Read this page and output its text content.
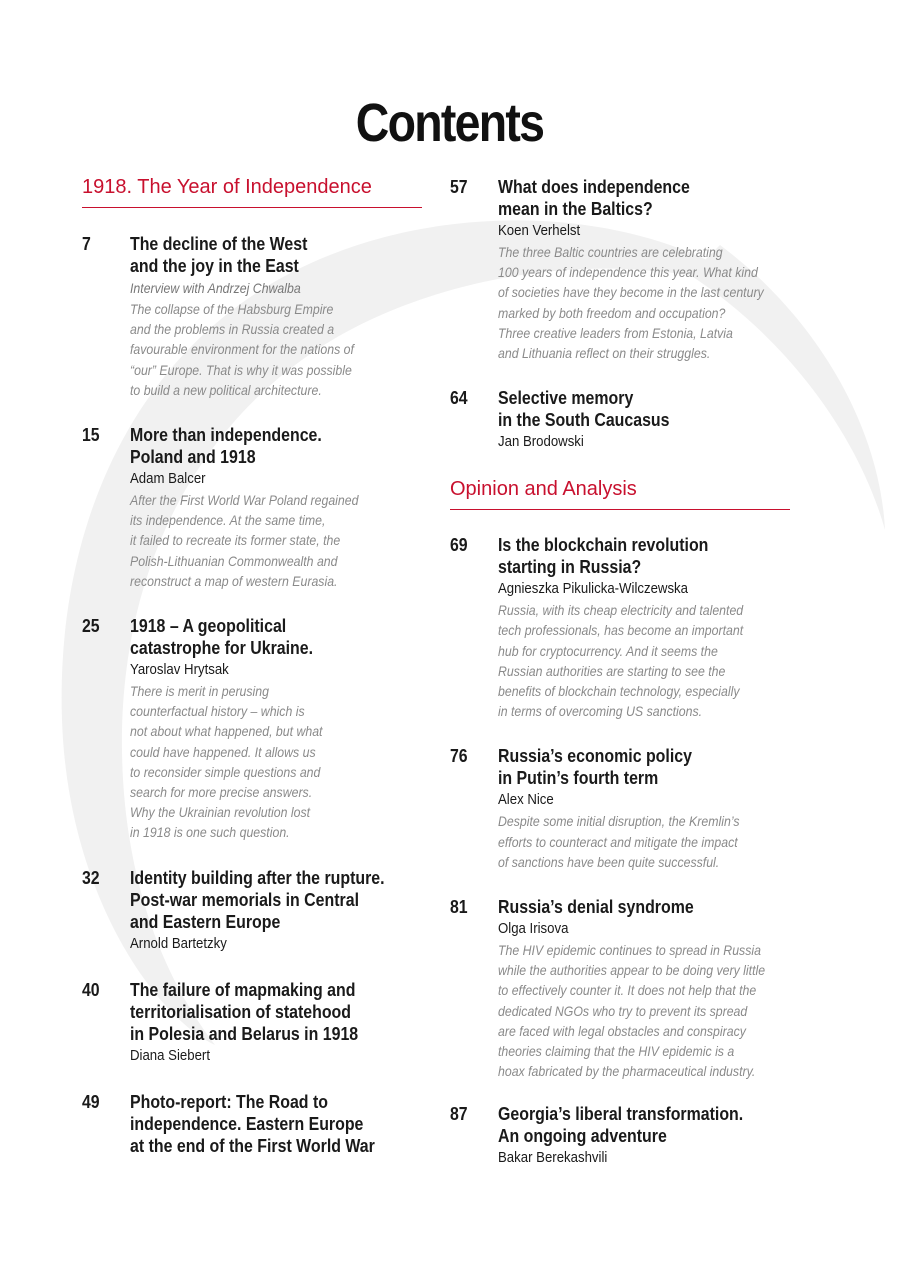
Contents
1918. The Year of Independence
7	The decline of the West
and the joy in the East
Interview with Andrzej Chwalba
The collapse of the Habsburg Empire
and the problems in Russia created a
favourable environment for the nations of
“our” Europe. That is why it was possible
to build a new political architecture.
15	More than independence.
Poland and 1918
Adam Balcer
After the First World War Poland regained
its independence. At the same time,
it failed to recreate its former state, the
Polish-Lithuanian Commonwealth and
reconstruct a map of western Eurasia.
25	1918 – A geopolitical
catastrophe for Ukraine.
Yaroslav Hrytsak
There is merit in perusing
counterfactual history – which is
not about what happened, but what
could have happened. It allows us
to reconsider simple questions and
search for more precise answers.
Why the Ukrainian revolution lost
in 1918 is one such question.
32	Identity building after the rupture.
Post-war memorials in Central
and Eastern Europe
Arnold Bartetzky
40	The failure of mapmaking and
territorialisation of statehood
in Polesia and Belarus in 1918
Diana Siebert
49	Photo-report: The Road to
independence. Eastern Europe
at the end of the First World War
57	What does independence
mean in the Baltics?
Koen Verhelst
The three Baltic countries are celebrating
100 years of independence this year. What kind
of societies have they become in the last century
marked by both freedom and occupation?
Three creative leaders from Estonia, Latvia
and Lithuania reflect on their struggles.
64	Selective memory
in the South Caucasus
Jan Brodowski
Opinion and Analysis
69	Is the blockchain revolution
starting in Russia?
Agnieszka Pikulicka-Wilczewska
Russia, with its cheap electricity and talented
tech professionals, has become an important
hub for cryptocurrency. And it seems the
Russian authorities are starting to see the
benefits of blockchain technology, especially
in terms of overcoming US sanctions.
76	Russia’s economic policy
in Putin’s fourth term
Alex Nice
Despite some initial disruption, the Kremlin’s
efforts to counteract and mitigate the impact
of sanctions have been quite successful.
81	Russia’s denial syndrome
Olga Irisova
The HIV epidemic continues to spread in Russia
while the authorities appear to be doing very little
to effectively counter it. It does not help that the
dedicated NGOs who try to prevent its spread
are faced with legal obstacles and conspiracy
theories claiming that the HIV epidemic is a
hoax fabricated by the pharmaceutical industry.
87	Georgia’s liberal transformation.
An ongoing adventure
Bakar Berekashvili
